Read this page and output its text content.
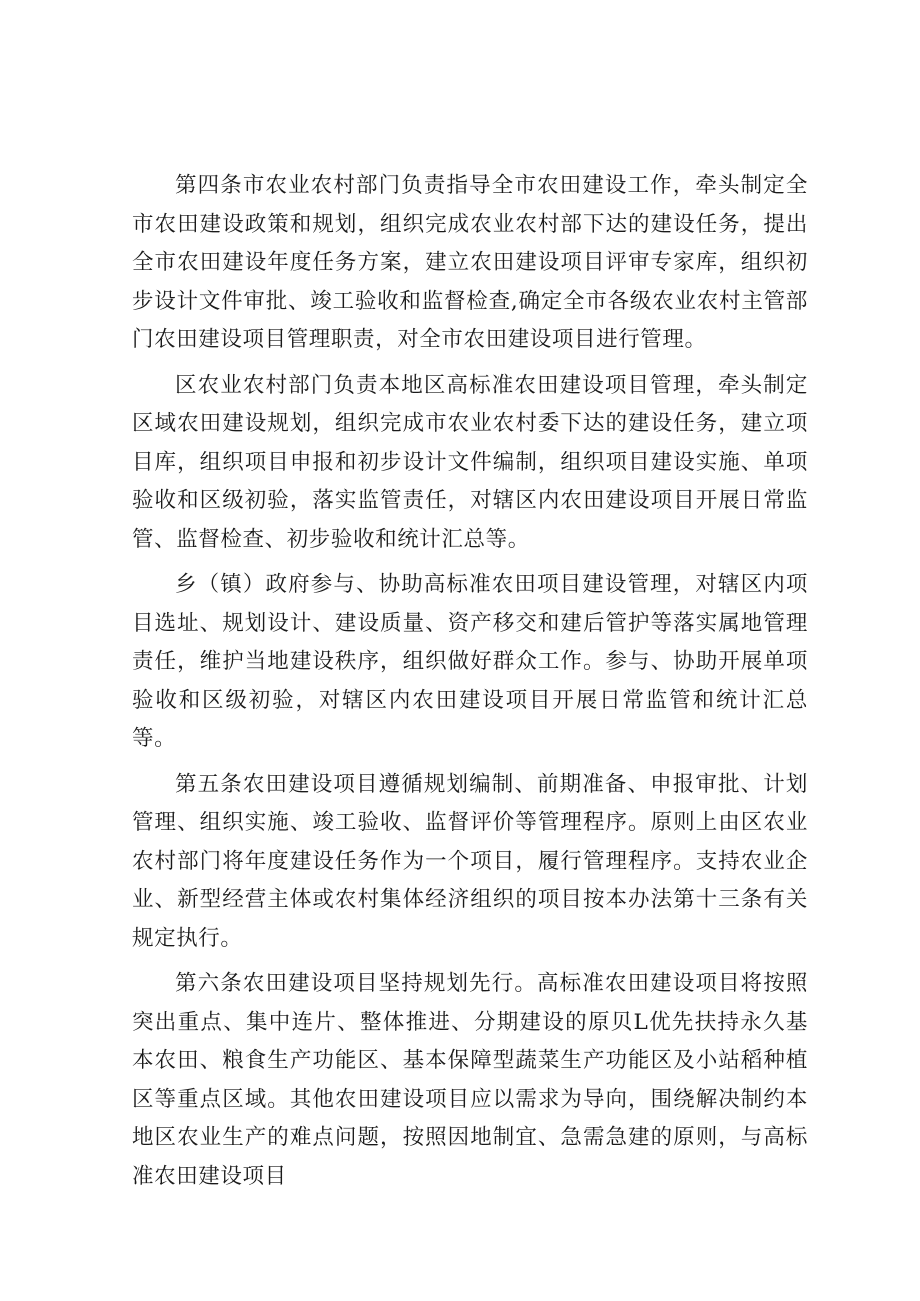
第四条市农业农村部门负责指导全市农田建设工作，牵头制定全市农田建设政策和规划，组织完成农业农村部下达的建设任务，提出全市农田建设年度任务方案，建立农田建设项目评审专家库，组织初步设计文件审批、竣工验收和监督检查,确定全市各级农业农村主管部门农田建设项目管理职责，对全市农田建设项目进行管理。

区农业农村部门负责本地区高标准农田建设项目管理，牵头制定区域农田建设规划，组织完成市农业农村委下达的建设任务，建立项目库，组织项目申报和初步设计文件编制，组织项目建设实施、单项验收和区级初验，落实监管责任，对辖区内农田建设项目开展日常监管、监督检查、初步验收和统计汇总等。

乡（镇）政府参与、协助高标准农田项目建设管理，对辖区内项目选址、规划设计、建设质量、资产移交和建后管护等落实属地管理责任，维护当地建设秩序，组织做好群众工作。参与、协助开展单项验收和区级初验，对辖区内农田建设项目开展日常监管和统计汇总等。

第五条农田建设项目遵循规划编制、前期准备、申报审批、计划管理、组织实施、竣工验收、监督评价等管理程序。原则上由区农业农村部门将年度建设任务作为一个项目，履行管理程序。支持农业企业、新型经营主体或农村集体经济组织的项目按本办法第十三条有关规定执行。

第六条农田建设项目坚持规划先行。高标准农田建设项目将按照突出重点、集中连片、整体推进、分期建设的原贝L优先扶持永久基本农田、粮食生产功能区、基本保障型蔬菜生产功能区及小站稻种植区等重点区域。其他农田建设项目应以需求为导向，围绕解决制约本地区农业生产的难点问题，按照因地制宜、急需急建的原则，与高标准农田建设项目
